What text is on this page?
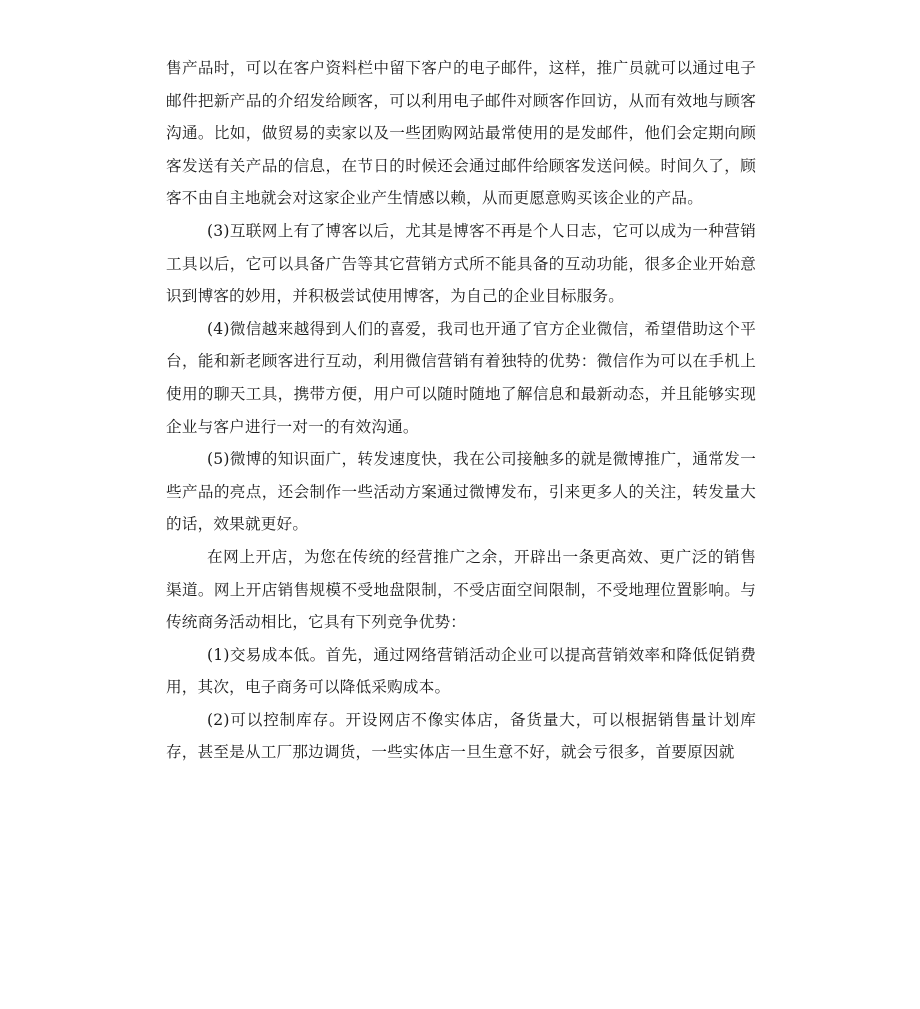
售产品时，可以在客户资料栏中留下客户的电子邮件，这样，推广员就可以通过电子邮件把新产品的介绍发给顾客，可以利用电子邮件对顾客作回访，从而有效地与顾客沟通。比如，做贸易的卖家以及一些团购网站最常使用的是发邮件，他们会定期向顾客发送有关产品的信息，在节日的时候还会通过邮件给顾客发送问候。时间久了，顾客不由自主地就会对这家企业产生情感以赖，从而更愿意购买该企业的产品。

(3)互联网上有了博客以后，尤其是博客不再是个人日志，它可以成为一种营销工具以后，它可以具备广告等其它营销方式所不能具备的互动功能，很多企业开始意识到博客的妙用，并积极尝试使用博客，为自己的企业目标服务。

(4)微信越来越得到人们的喜爱，我司也开通了官方企业微信，希望借助这个平台，能和新老顾客进行互动，利用微信营销有着独特的优势：微信作为可以在手机上使用的聊天工具，携带方便，用户可以随时随地了解信息和最新动态，并且能够实现企业与客户进行一对一的有效沟通。

(5)微博的知识面广，转发速度快，我在公司接触多的就是微博推广，通常发一些产品的亮点，还会制作一些活动方案通过微博发布，引来更多人的关注，转发量大的话，效果就更好。

在网上开店，为您在传统的经营推广之余，开辟出一条更高效、更广泛的销售渠道。网上开店销售规模不受地盘限制，不受店面空间限制，不受地理位置影响。与传统商务活动相比，它具有下列竞争优势：

(1)交易成本低。首先，通过网络营销活动企业可以提高营销效率和降低促销费用，其次，电子商务可以降低采购成本。

(2)可以控制库存。开设网店不像实体店，备货量大，可以根据销售量计划库存，甚至是从工厂那边调货，一些实体店一旦生意不好，就会亏很多，首要原因就
